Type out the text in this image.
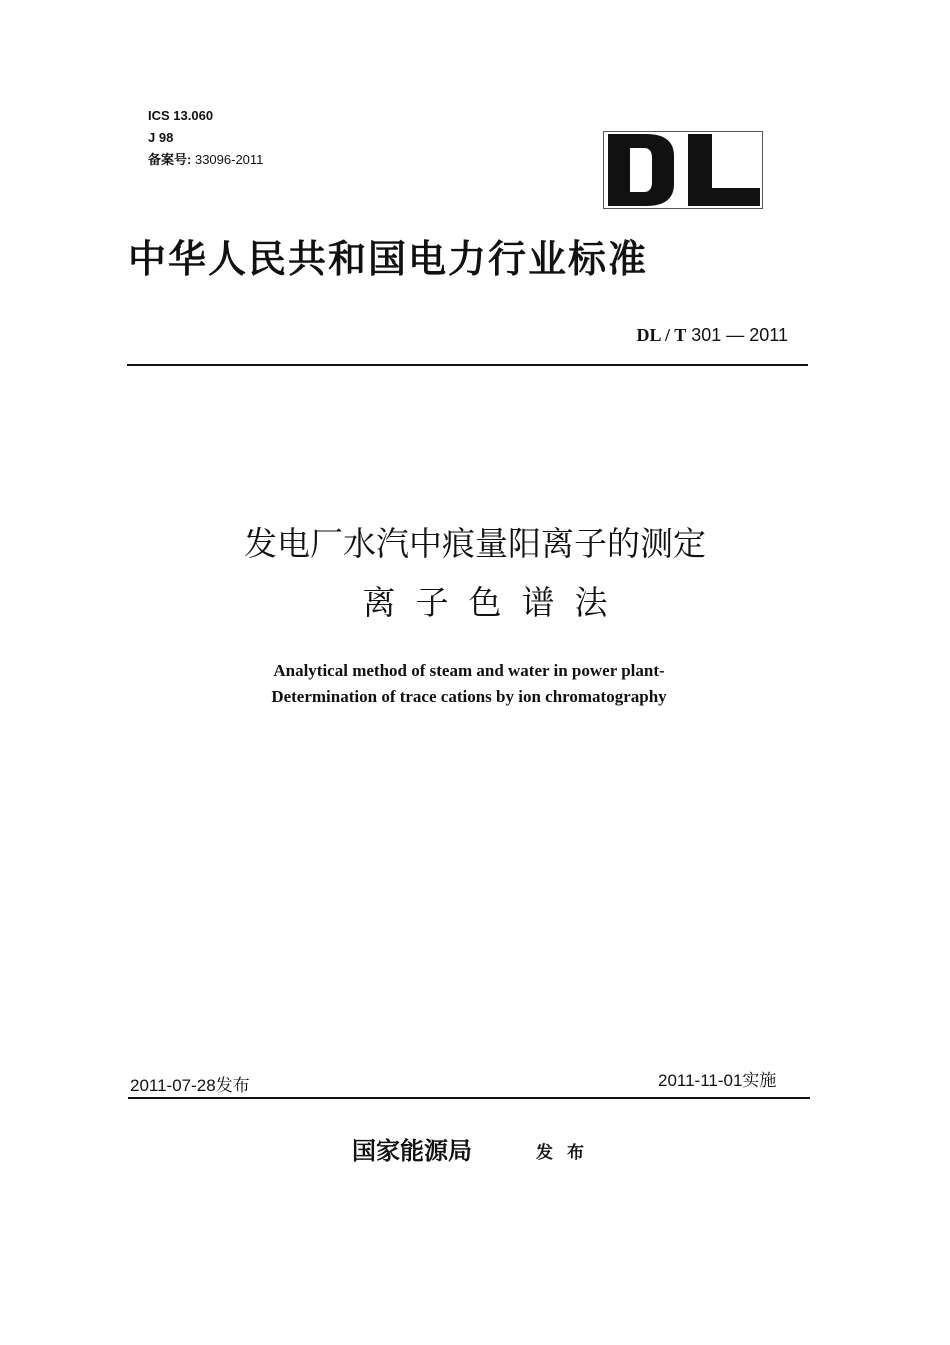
ICS 13.060
J 98
备案号: 33096-2011
中华人民共和国电力行业标准
DL / T 301 — 2011
发电厂水汽中痕量阳离子的测定
离子色谱法
Analytical method of steam and water in power plant-
Determination of trace cations by ion chromatography
2011-07-28发布	2011-11-01实施
国家能源局	发布
